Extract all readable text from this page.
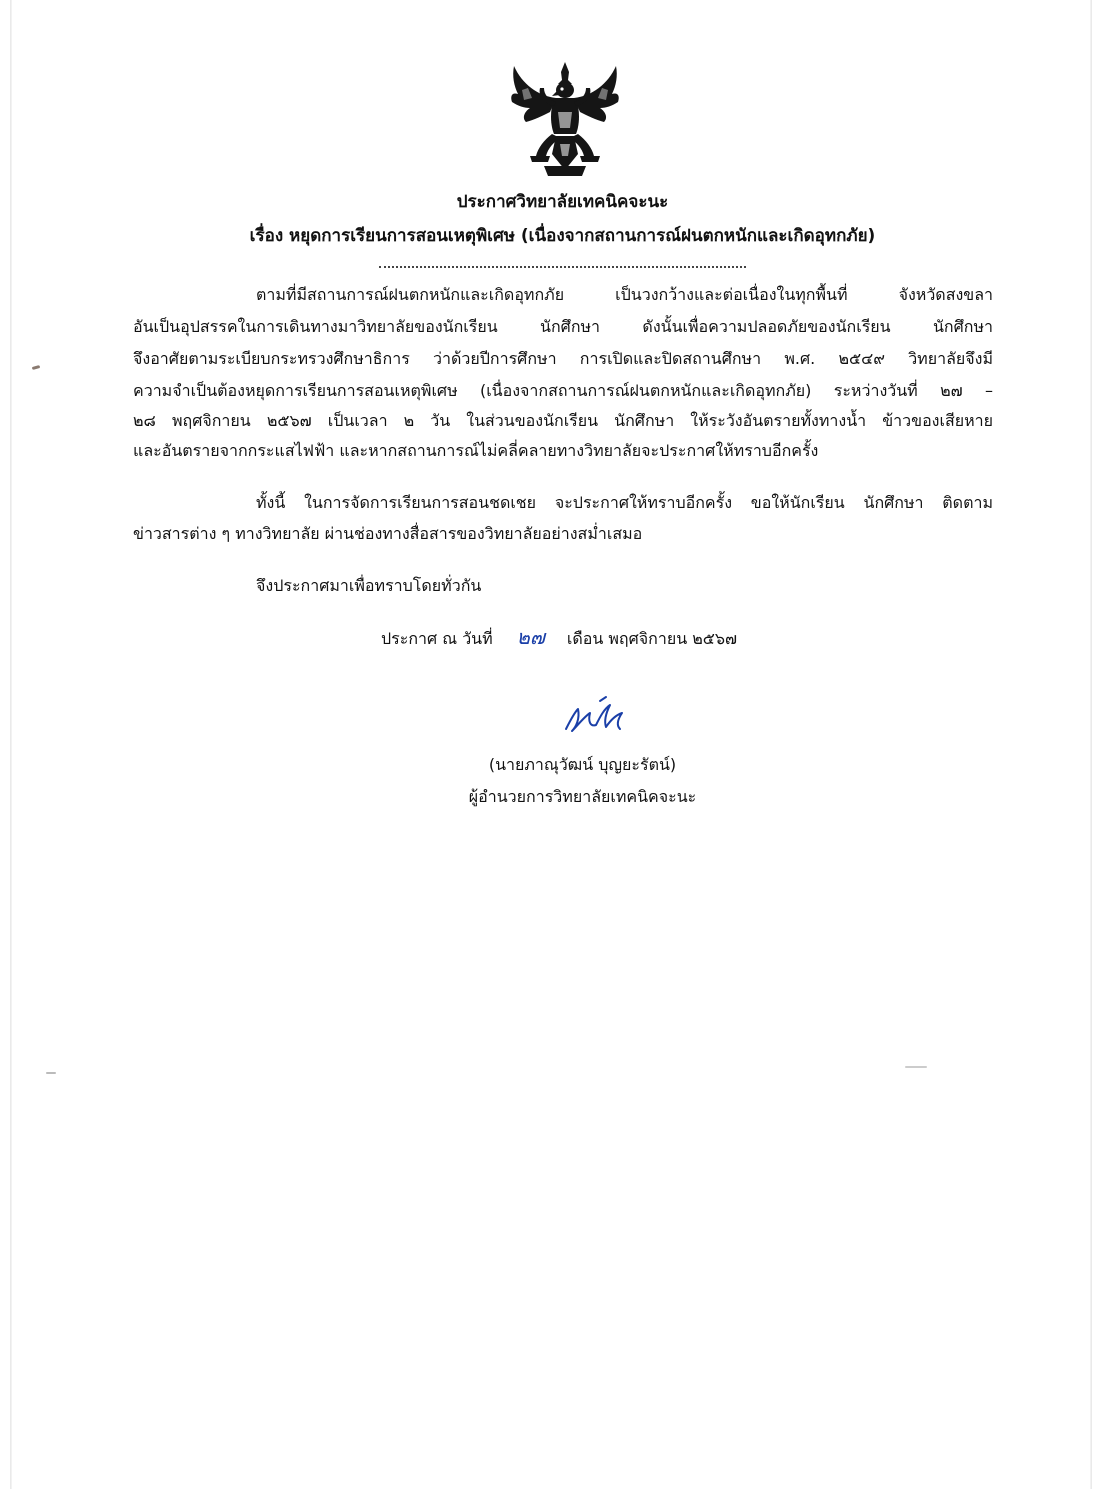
ประกาศวิทยาลัยเทคนิคจะนะ
เรื่อง หยุดการเรียนการสอนเหตุพิเศษ (เนื่องจากสถานการณ์ฝนตกหนักและเกิดอุทกภัย)
ตามที่มีสถานการณ์ฝนตกหนักและเกิดอุทกภัย เป็นวงกว้างและต่อเนื่องในทุกพื้นที่ จังหวัดสงขลา
อันเป็นอุปสรรคในการเดินทางมาวิทยาลัยของนักเรียน นักศึกษา ดังนั้นเพื่อความปลอดภัยของนักเรียน นักศึกษา
จึงอาศัยตามระเบียบกระทรวงศึกษาธิการ ว่าด้วยปีการศึกษา การเปิดและปิดสถานศึกษา พ.ศ. ๒๕๔๙ วิทยาลัยจึงมี
ความจำเป็นต้องหยุดการเรียนการสอนเหตุพิเศษ (เนื่องจากสถานการณ์ฝนตกหนักและเกิดอุทกภัย) ระหว่างวันที่ ๒๗ –
๒๘ พฤศจิกายน ๒๕๖๗ เป็นเวลา ๒ วัน ในส่วนของนักเรียน นักศึกษา ให้ระวังอันตรายทั้งทางน้ำ ข้าวของเสียหาย
และอันตรายจากกระแสไฟฟ้า และหากสถานการณ์ไม่คลี่คลายทางวิทยาลัยจะประกาศให้ทราบอีกครั้ง
ทั้งนี้ ในการจัดการเรียนการสอนชดเชย จะประกาศให้ทราบอีกครั้ง ขอให้นักเรียน นักศึกษา ติดตาม
ข่าวสารต่าง ๆ ทางวิทยาลัย ผ่านช่องทางสื่อสารของวิทยาลัยอย่างสม่ำเสมอ
จึงประกาศมาเพื่อทราบโดยทั่วกัน
ประกาศ ณ วันที่ ๒๗ เดือน พฤศจิกายน ๒๕๖๗
(นายภาณุวัฒน์ บุญยะรัตน์)
ผู้อำนวยการวิทยาลัยเทคนิคจะนะ
